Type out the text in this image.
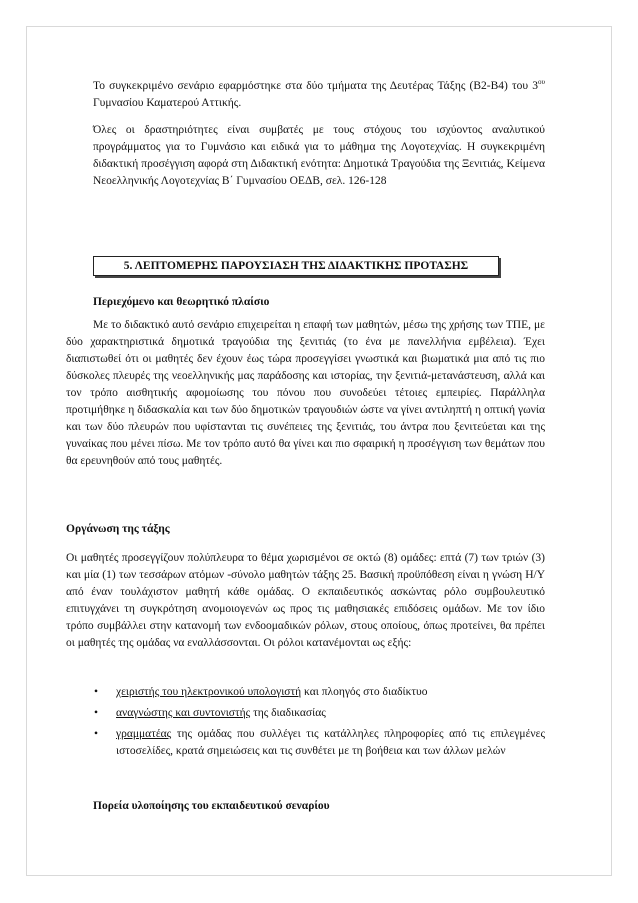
Το συγκεκριμένο σενάριο εφαρμόστηκε στα δύο τμήματα της Δευτέρας Τάξης (Β2-Β4) του $3^{o\upsilon}$ Γυμνασίου Καματερού Αττικής.

Όλες οι δραστηριότητες είναι συμβατές με τους στόχους του ισχύοντος αναλυτικού προγράμματος για το Γυμνάσιο και ειδικά για το μάθημα της Λογοτεχνίας. Η συγκεκριμένη διδακτική προσέγγιση αφορά στη Διδακτική ενότητα: Δημοτικά Τραγούδια της Ξενιτιάς, Κείμενα Νεοελληνικής Λογοτεχνίας Β΄ Γυμνασίου ΟΕΔΒ, σελ. 126-128

5. ΛΕΠΤΟΜΕΡΗΣ ΠΑΡΟΥΣΙΑΣΗ ΤΗΣ ΔΙΔΑΚΤΙΚΗΣ ΠΡΟΤΑΣΗΣ
Περιεχόμενο και θεωρητικό πλαίσιο

Με το διδακτικό αυτό σενάριο επιχειρείται η επαφή των μαθητών, μέσω της χρήσης των ΤΠΕ, με δύο χαρακτηριστικά δημοτικά τραγούδια της ξενιτιάς (το ένα με πανελλήνια εμβέλεια). Έχει διαπιστωθεί ότι οι μαθητές δεν έχουν έως τώρα προσεγγίσει γνωστικά και βιωματικά μια από τις πιο δύσκολες πλευρές της νεοελληνικής μας παράδοσης και ιστορίας, την ξενιτιά-μετανάστευση, αλλά και τον τρόπο αισθητικής αφομοίωσης του πόνου που συνοδεύει τέτοιες εμπειρίες. Παράλληλα προτιμήθηκε η διδασκαλία και των δύο δημοτικών τραγουδιών ώστε να γίνει αντιληπτή η οπτική γωνία και των δύο πλευρών που υφίστανται τις συνέπειες της ξενιτιάς, του άντρα που ξενιτεύεται και της γυναίκας που μένει πίσω. Με τον τρόπο αυτό θα γίνει και πιο σφαιρική η προσέγγιση των θεμάτων που θα ερευνηθούν από τους μαθητές.

Οργάνωση της τάξης

Οι μαθητές προσεγγίζουν πολύπλευρα το θέμα χωρισμένοι σε οκτώ (8) ομάδες: επτά (7) των τριών (3) και μία (1) των τεσσάρων ατόμων -σύνολο μαθητών τάξης 25. Βασική προϋπόθεση είναι η γνώση Η/Υ από έναν τουλάχιστον μαθητή κάθε ομάδας. Ο εκπαιδευτικός ασκώντας ρόλο συμβουλευτικό επιτυγχάνει τη συγκρότηση ανομοιογενών ως προς τις μαθησιακές επιδόσεις ομάδων. Με τον ίδιο τρόπο συμβάλλει στην κατανομή των ενδοομαδικών ρόλων, στους οποίους, όπως προτείνει, θα πρέπει οι μαθητές της ομάδας να εναλλάσσονται. Οι ρόλοι κατανέμονται ως εξής:

• χειριστής του ηλεκτρονικού υπολογιστή και πλοηγός στο διαδίκτυο
• αναγνώστης και συντονιστής της διαδικασίας
• γραμματέας της ομάδας που συλλέγει τις κατάλληλες πληροφορίες από τις επιλεγμένες ιστοσελίδες, κρατά σημειώσεις και τις συνθέτει με τη βοήθεια και των άλλων μελών
Πορεία υλοποίησης του εκπαιδευτικού σεναρίου
